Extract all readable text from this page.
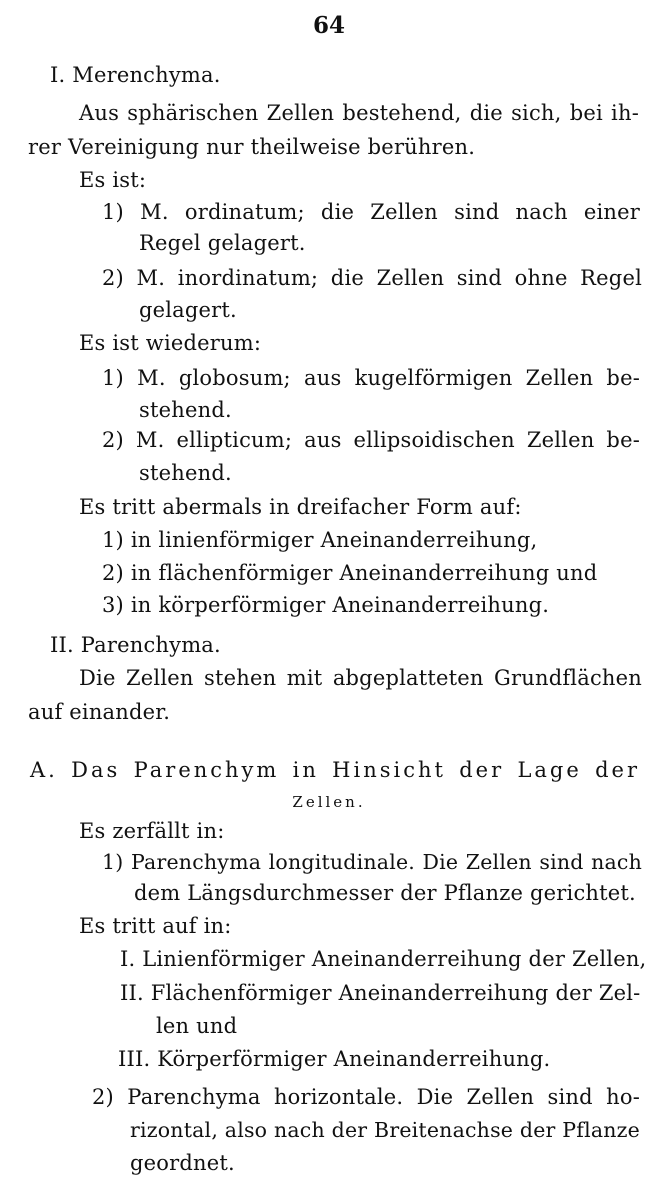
64
I. Merenchyma.
Aus sphärischen Zellen bestehend, die sich, bei ih-
rer Vereinigung nur theilweise berühren.
Es ist:
1) M. ordinatum; die Zellen sind nach einer
Regel gelagert.
2) M. inordinatum; die Zellen sind ohne Regel
gelagert.
Es ist wiederum:
1) M. globosum; aus kugelförmigen Zellen be-
stehend.
2) M. ellipticum; aus ellipsoidischen Zellen be-
stehend.
Es tritt abermals in dreifacher Form auf:
1) in linienförmiger Aneinanderreihung,
2) in flächenförmiger Aneinanderreihung und
3) in körperförmiger Aneinanderreihung.
II. Parenchyma.
Die Zellen stehen mit abgeplatteten Grundflächen
auf einander.
A. Das Parenchym in Hinsicht der Lage der
Zellen.
Es zerfällt in:
1) Parenchyma longitudinale. Die Zellen sind nach
dem Längsdurchmesser der Pflanze gerichtet.
Es tritt auf in:
I. Linienförmiger Aneinanderreihung der Zellen,
II. Flächenförmiger Aneinanderreihung der Zel-
len und
III. Körperförmiger Aneinanderreihung.
2) Parenchyma horizontale. Die Zellen sind ho-
rizontal, also nach der Breitenachse der Pflanze
geordnet.
